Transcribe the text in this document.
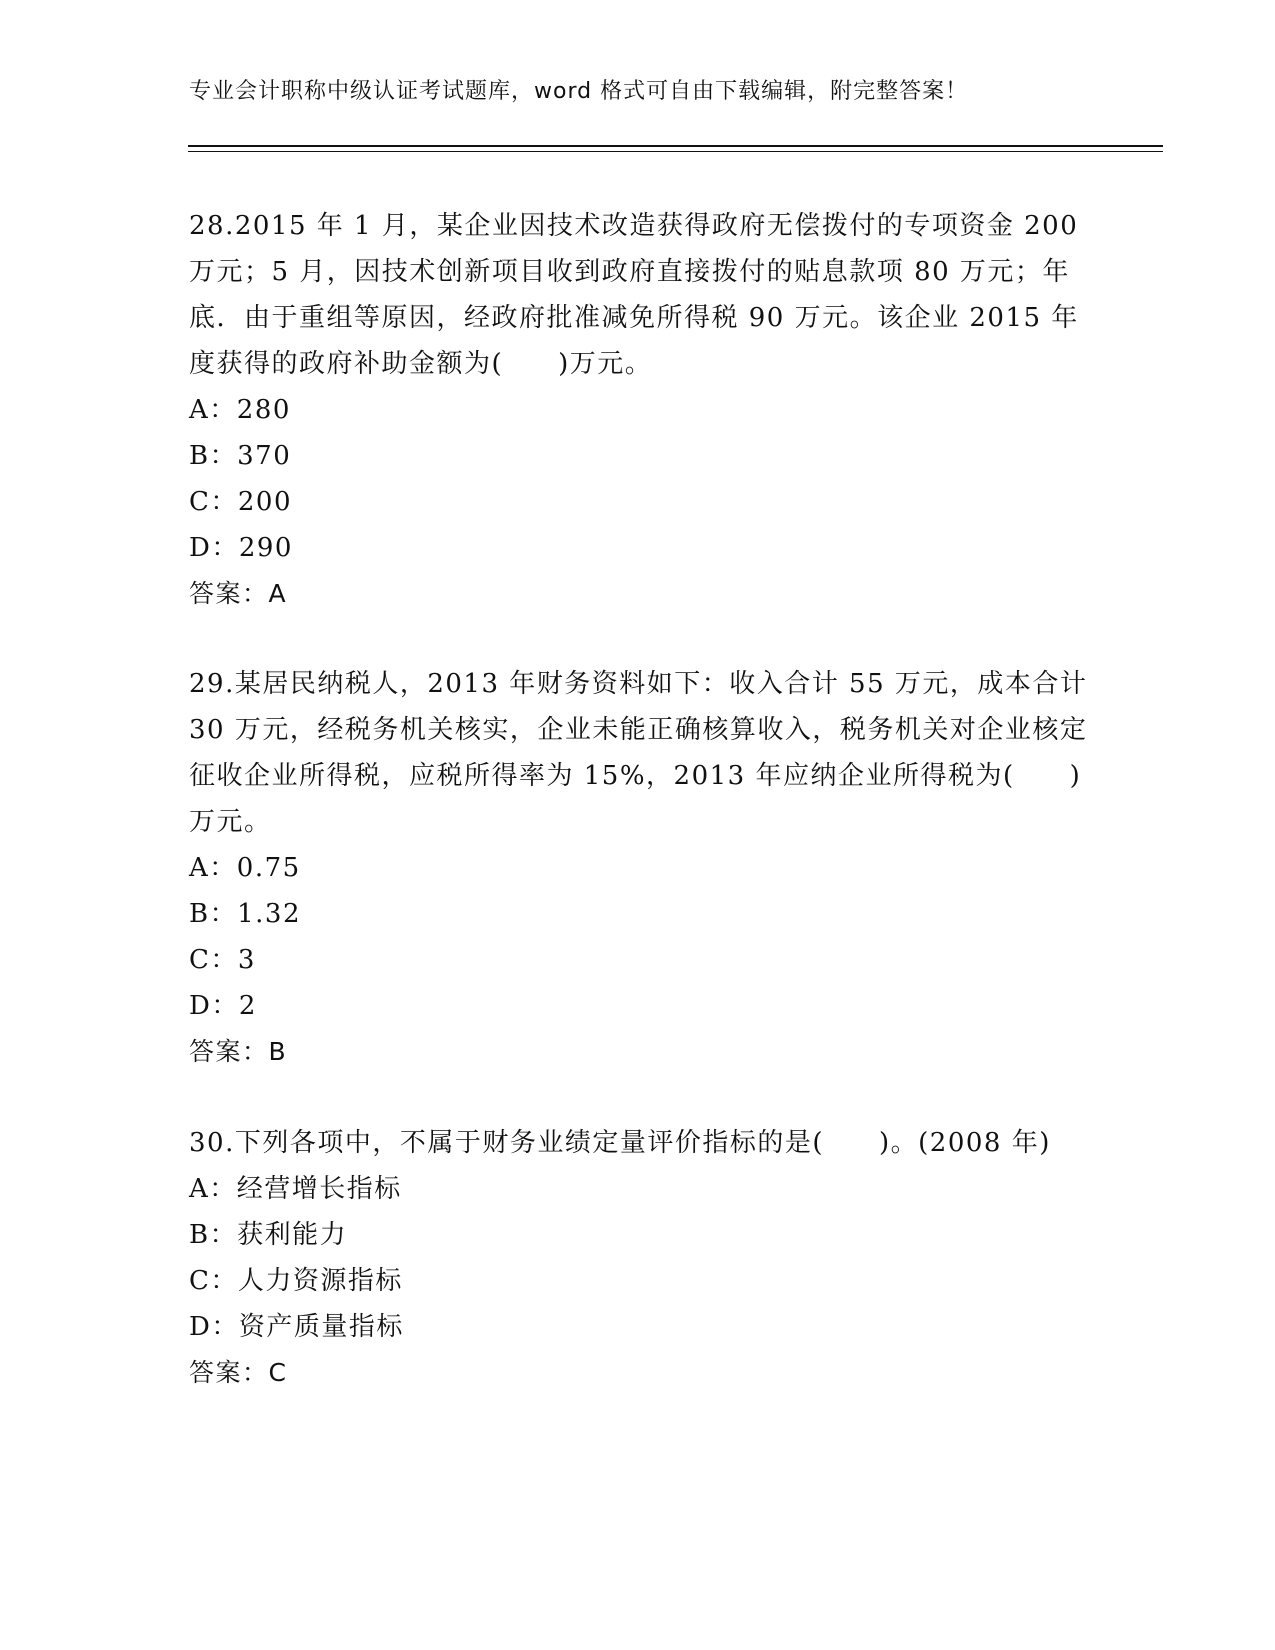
专业会计职称中级认证考试题库，word 格式可自由下载编辑，附完整答案！

28.2015 年 1 月，某企业因技术改造获得政府无偿拨付的专项资金 200 万元；5 月，因技术创新项目收到政府直接拨付的贴息款项 80 万元；年底．由于重组等原因，经政府批准减免所得税 90 万元。该企业 2015 年度获得的政府补助金额为(　　)万元。

A：280
B：370
C：200
D：290
答案：A

29.某居民纳税人，2013 年财务资料如下：收入合计 55 万元，成本合计 30 万元，经税务机关核实，企业未能正确核算收入，税务机关对企业核定征收企业所得税，应税所得率为 15%，2013 年应纳企业所得税为(　　)万元。

A：0.75
B：1.32
C：3
D：2
答案：B

30.下列各项中，不属于财务业绩定量评价指标的是(　　)。(2008 年)

A：经营增长指标
B：获利能力
C：人力资源指标
D：资产质量指标
答案：C
